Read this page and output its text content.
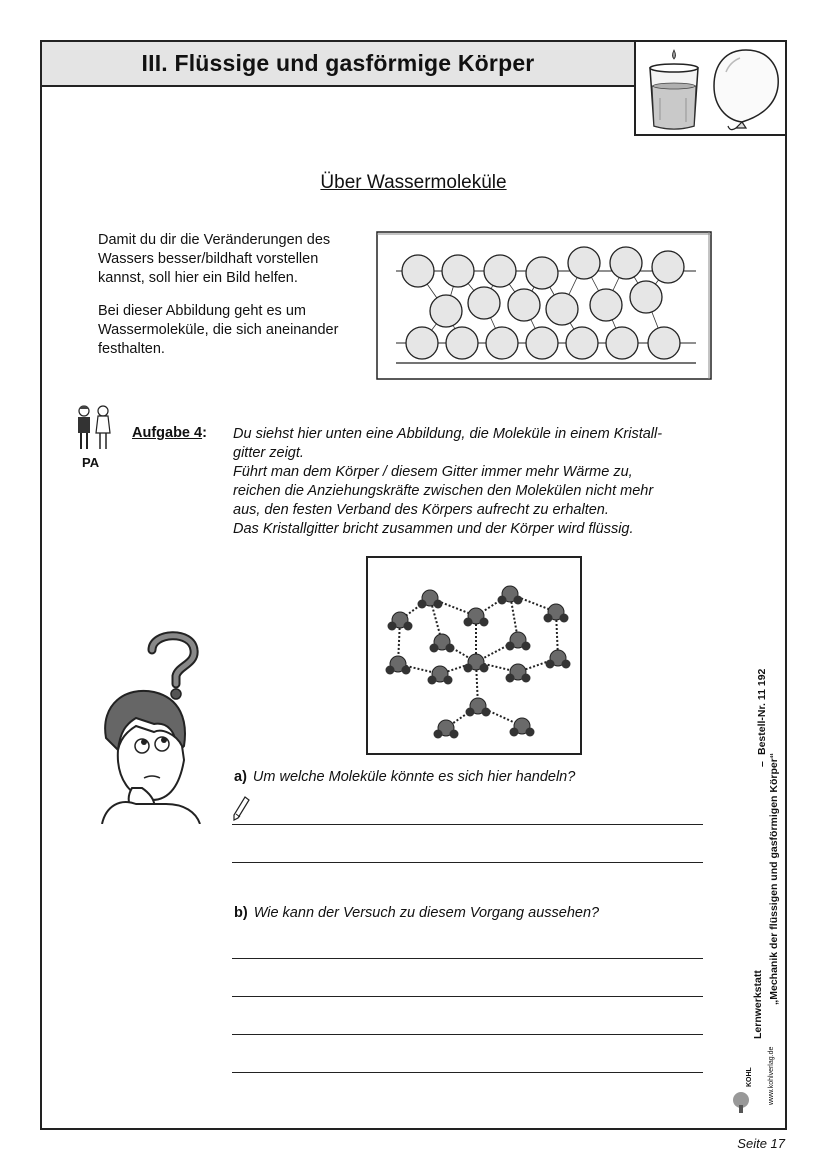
III. Flüssige und gasförmige Körper
Über Wassermoleküle

Damit du dir die Veränderungen des Wassers besser/bildhaft vorstellen kannst, soll hier ein Bild helfen.

Bei dieser Abbildung geht es um Wassermoleküle, die sich aneinander festhalten.

PA
Aufgabe 4: Du siehst hier unten eine Abbildung, die Moleküle in einem Kristall-
gitter zeigt.
Führt man dem Körper / diesem Gitter immer mehr Wärme zu,
reichen die Anziehungskräfte zwischen den Molekülen nicht mehr
aus, den festen Verband des Körpers aufrecht zu erhalten.
Das Kristallgitter bricht zusammen und der Körper wird flüssig.
a) Um welche Moleküle könnte es sich hier handeln?
b) Wie kann der Versuch zu diesem Vorgang aussehen?
Bestell-Nr. 11 192
– „Mechanik der flüssigen und gasförmigen Körper“
Lernwerkstatt
KOHL www.kohlverlag.de
Seite 17
